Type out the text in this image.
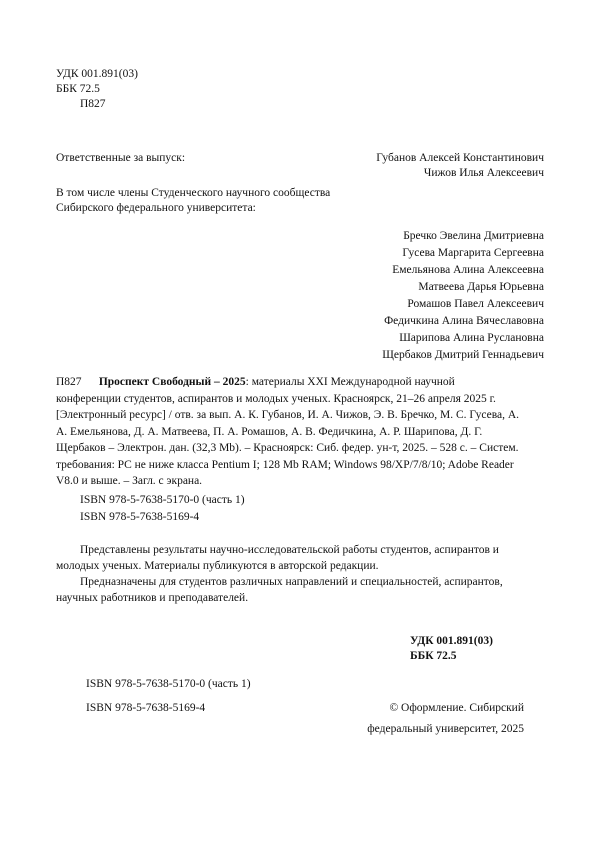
УДК 001.891(03)
ББК 72.5
П827
Ответственные за выпуск:	Губанов Алексей Константинович
Чижов Илья Алексеевич
В том числе члены Студенческого научного сообщества
Сибирского федерального университета:
Бречко Эвелина Дмитриевна
Гусева Маргарита Сергеевна
Емельянова Алина Алексеевна
Матвеева Дарья Юрьевна
Ромашов Павел Алексеевич
Федичкина Алина Вячеславовна
Шарипова Алина Руслановна
Щербаков Дмитрий Геннадьевич

П827 Проспект Свободный – 2025: материалы XXI Международной научной

конференции студентов, аспирантов и молодых ученых. Красноярск, 21–26 апреля 2025 г.

[Электронный ресурс] / отв. за вып. А. К. Губанов, И. А. Чижов, Э. В. Бречко, М. С. Гусева, А.

А. Емельянова, Д. А. Матвеева, П. А. Ромашов, А. В. Федичкина, А. Р. Шарипова, Д. Г.

Щербаков – Электрон. дан. (32,3 Mb). – Красноярск: Сиб. федер. ун-т, 2025. – 528 с. – Систем.

требования: PC не ниже класса Pentium I; 128 Mb RAM; Windows 98/XP/7/8/10; Adobe Reader

V8.0 и выше. – Загл. с экрана.

ISBN 978-5-7638-5170-0 (часть 1)
ISBN 978-5-7638-5169-4
Представлены результаты научно-исследовательской работы студентов, аспирантов и
молодых ученых. Материалы публикуются в авторской редакции.
Предназначены для студентов различных направлений и специальностей, аспирантов,
научных работников и преподавателей.
УДК 001.891(03)
ББК 72.5
ISBN 978-5-7638-5170-0 (часть 1)
ISBN 978-5-7638-5169-4	© Оформление. Сибирский
федеральный университет, 2025
